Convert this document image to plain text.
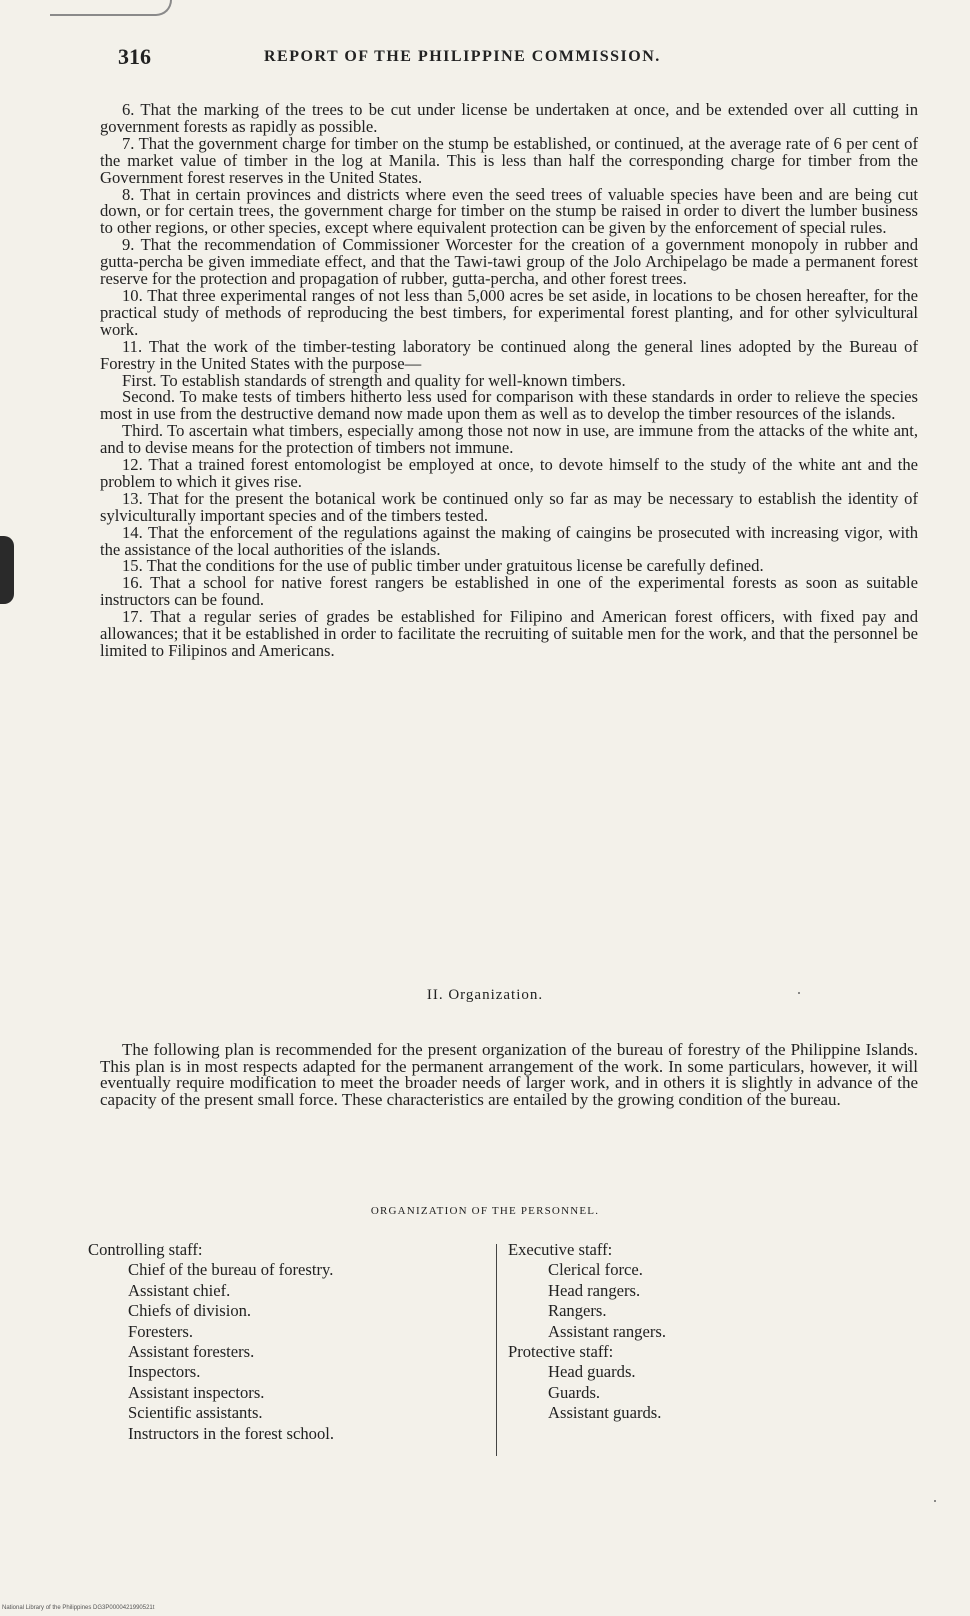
316	REPORT OF THE PHILIPPINE COMMISSION.

6. That the marking of the trees to be cut under license be undertaken at once, and be extended over all cutting in government forests as rapidly as possible.

7. That the government charge for timber on the stump be established, or continued, at the average rate of 6 per cent of the market value of timber in the log at Manila. This is less than half the corresponding charge for timber from the Government forest reserves in the United States.

8. That in certain provinces and districts where even the seed trees of valuable species have been and are being cut down, or for certain trees, the government charge for timber on the stump be raised in order to divert the lumber business to other regions, or other species, except where equivalent protection can be given by the enforcement of special rules.

9. That the recommendation of Commissioner Worcester for the creation of a government monopoly in rubber and gutta-percha be given immediate effect, and that the Tawi-tawi group of the Jolo Archipelago be made a permanent forest reserve for the protection and propagation of rubber, gutta-percha, and other forest trees.

10. That three experimental ranges of not less than 5,000 acres be set aside, in locations to be chosen hereafter, for the practical study of methods of reproducing the best timbers, for experimental forest planting, and for other sylvicultural work.

11. That the work of the timber-testing laboratory be continued along the general lines adopted by the Bureau of Forestry in the United States with the purpose—

First. To establish standards of strength and quality for well-known timbers.

Second. To make tests of timbers hitherto less used for comparison with these standards in order to relieve the species most in use from the destructive demand now made upon them as well as to develop the timber resources of the islands.

Third. To ascertain what timbers, especially among those not now in use, are immune from the attacks of the white ant, and to devise means for the protection of timbers not immune.

12. That a trained forest entomologist be employed at once, to devote himself to the study of the white ant and the problem to which it gives rise.

13. That for the present the botanical work be continued only so far as may be necessary to establish the identity of sylviculturally important species and of the timbers tested.

14. That the enforcement of the regulations against the making of caingins be prosecuted with increasing vigor, with the assistance of the local authorities of the islands.

15. That the conditions for the use of public timber under gratuitous license be carefully defined.

16. That a school for native forest rangers be established in one of the experimental forests as soon as suitable instructors can be found.

17. That a regular series of grades be established for Filipino and American forest officers, with fixed pay and allowances; that it be established in order to facilitate the recruiting of suitable men for the work, and that the personnel be limited to Filipinos and Americans.

II. Organization.

The following plan is recommended for the present organization of the bureau of forestry of the Philippine Islands. This plan is in most respects adapted for the permanent arrangement of the work. In some particulars, however, it will eventually require modification to meet the broader needs of larger work, and in others it is slightly in advance of the capacity of the present small force. These characteristics are entailed by the growing condition of the bureau.

ORGANIZATION OF THE PERSONNEL.

Controlling staff:

Chief of the bureau of forestry.
Assistant chief.
Chiefs of division.
Foresters.
Assistant foresters.
Inspectors.
Assistant inspectors.
Scientific assistants.
Instructors in the forest school.

Executive staff:

Clerical force.
Head rangers.
Rangers.
Assistant rangers.

Protective staff:

Head guards.
Guards.
Assistant guards.
National Library of the Philippines DG3P0000421990521t
